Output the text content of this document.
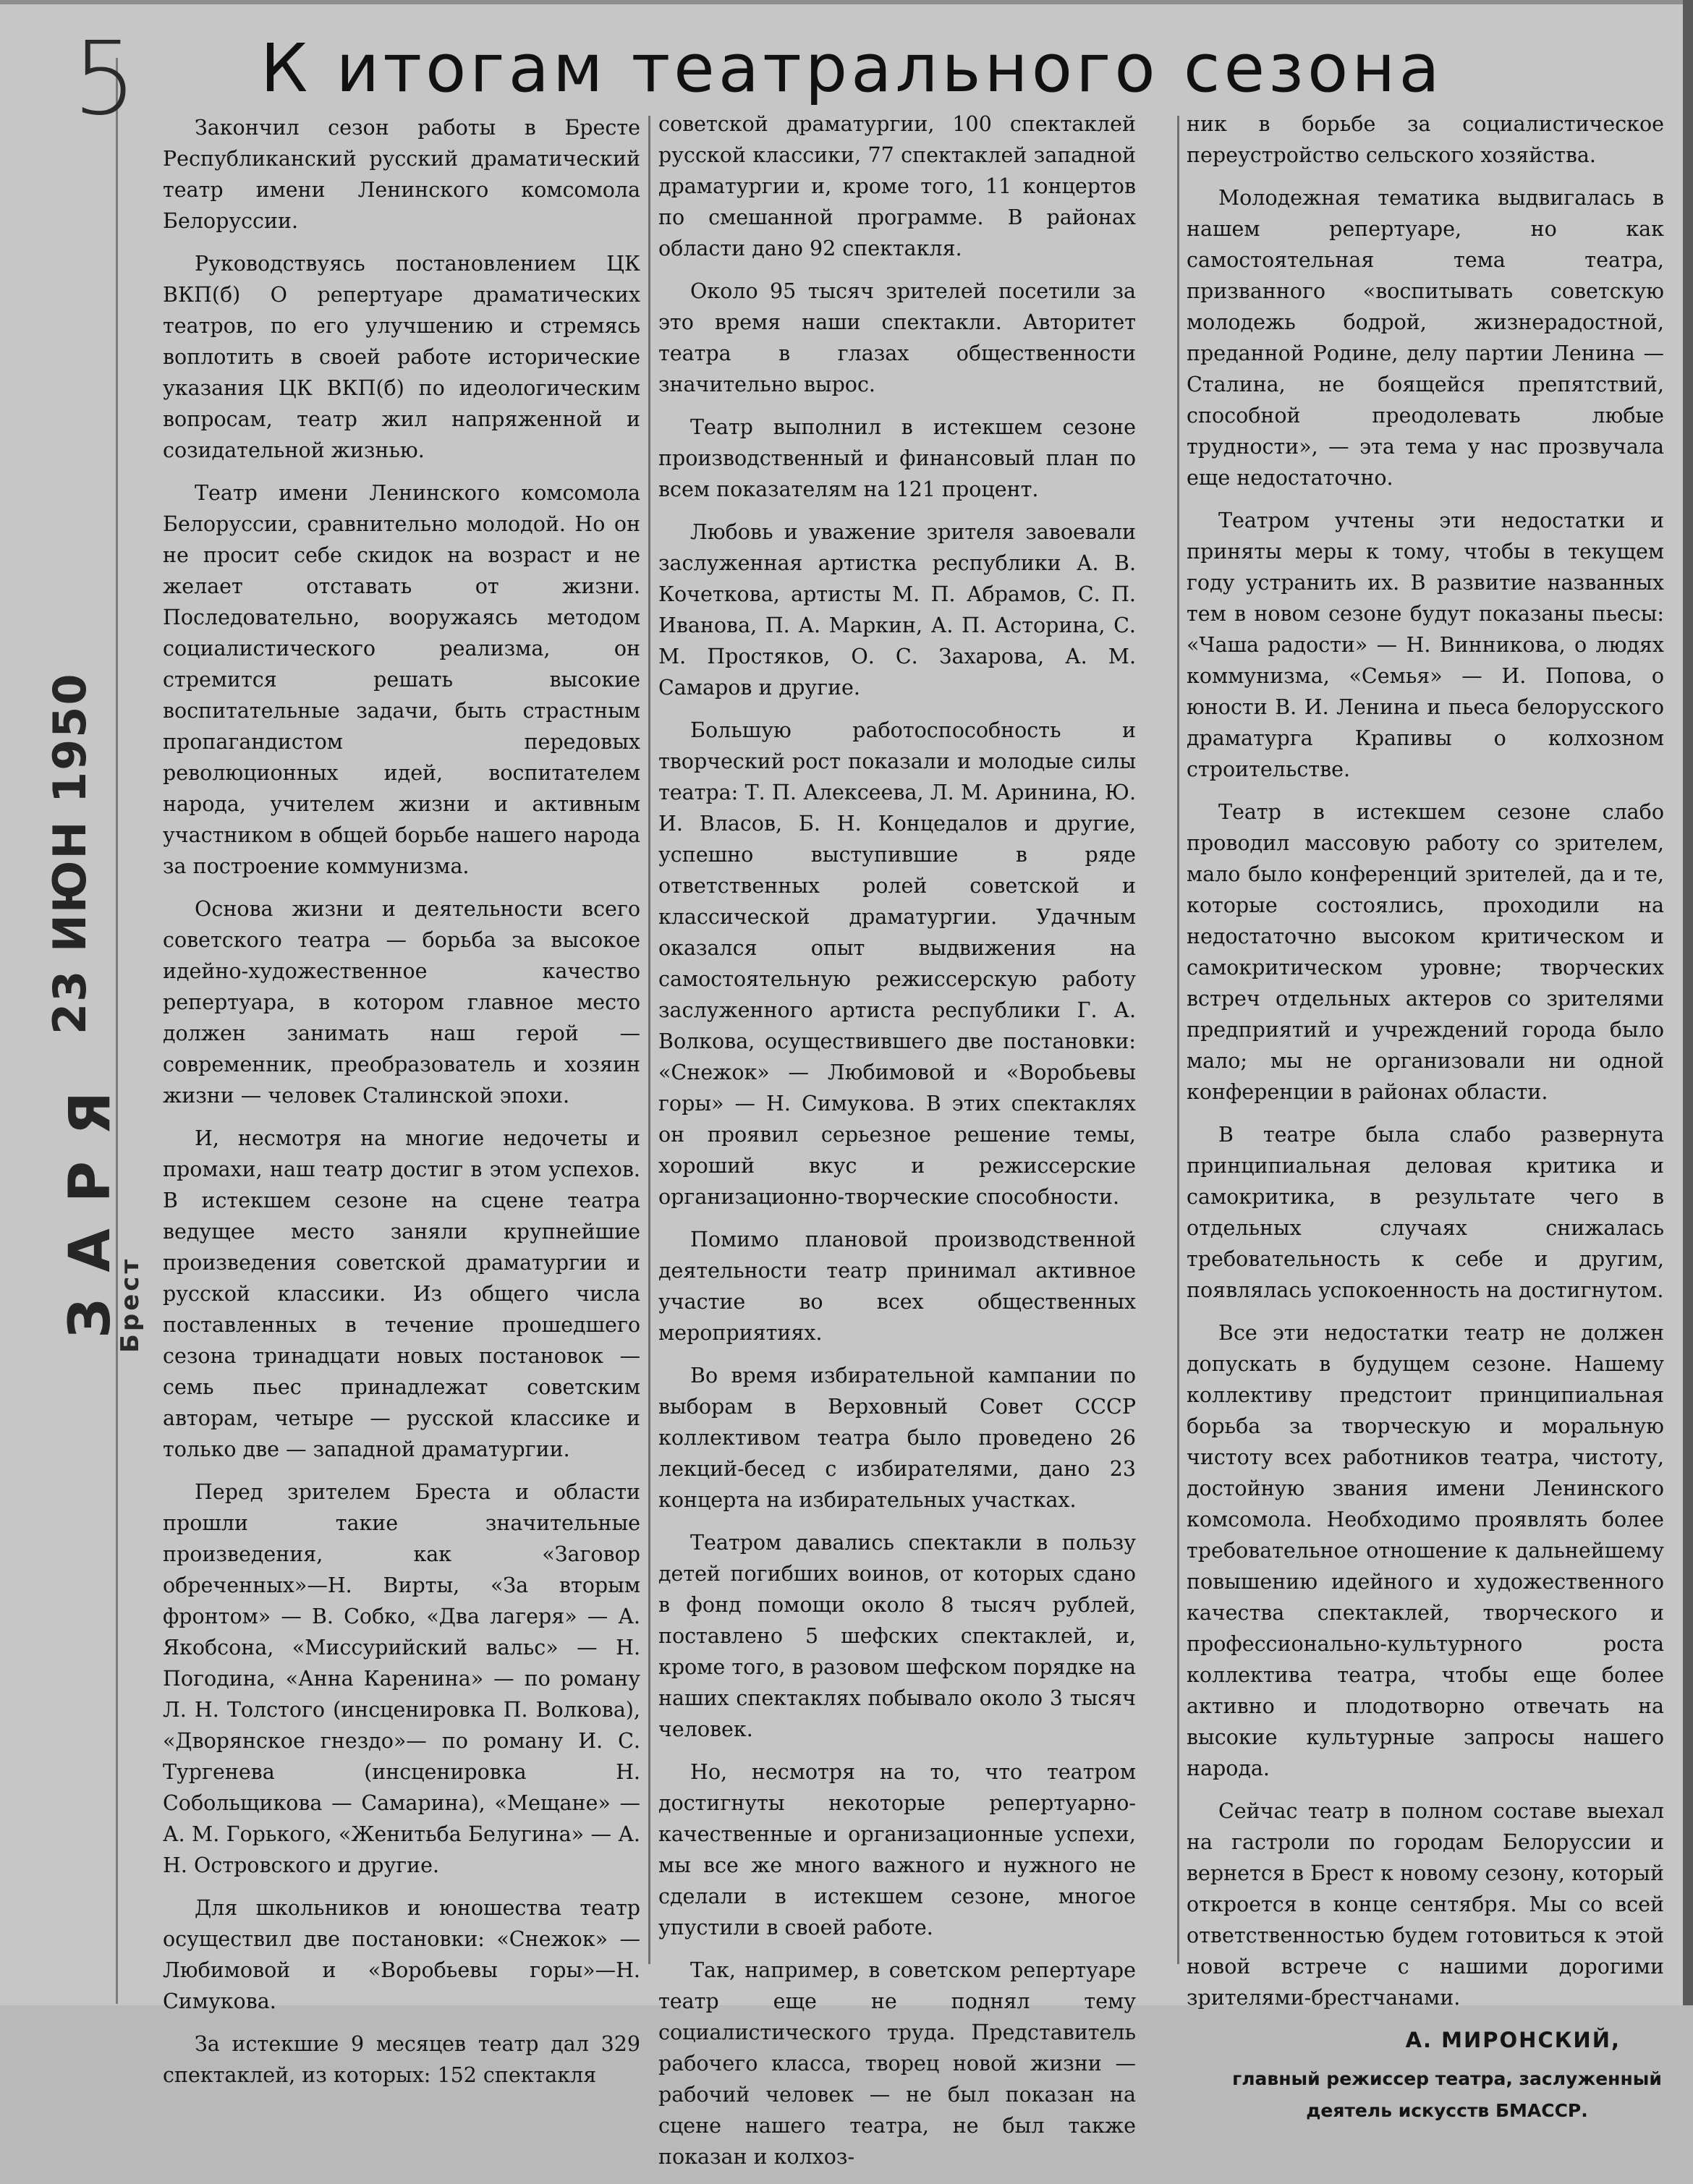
5 К итогам театрального сезона
23 ИЮН 1950
ЗАРЯ
Брест

Закончил сезон работы в Бресте Республиканский русский драматический театр имени Ленинского комсомола Белоруссии.

Руководствуясь постановлением ЦК ВКП(б) О репертуаре драматических театров, по его улучшению и стремясь воплотить в своей работе исторические указания ЦК ВКП(б) по идеологическим вопросам, театр жил напряженной и созидательной жизнью.

Театр имени Ленинского комсомола Белоруссии, сравнительно молодой. Но он не просит себе скидок на возраст и не желает отставать от жизни. Последовательно, вооружаясь методом социалистического реализма, он стремится решать высокие воспитательные задачи, быть страстным пропагандистом передовых революционных идей, воспитателем народа, учителем жизни и активным участником в общей борьбе нашего народа за построение коммунизма.

Основа жизни и деятельности всего советского театра — борьба за высокое идейно-художественное качество репертуара, в котором главное место должен занимать наш герой — современник, преобразователь и хозяин жизни — человек Сталинской эпохи.

И, несмотря на многие недочеты и промахи, наш театр достиг в этом успехов. В истекшем сезоне на сцене театра ведущее место заняли крупнейшие произведения советской драматургии и русской классики. Из общего числа поставленных в течение прошедшего сезона тринадцати новых постановок — семь пьес принадлежат советским авторам, четыре — русской классике и только две — западной драматургии.

Перед зрителем Бреста и области прошли такие значительные произведения, как «Заговор обреченных»—Н. Вирты, «За вторым фронтом» — В. Собко, «Два лагеря» — А. Якобсона, «Миссурийский вальс» — Н. Погодина, «Анна Каренина» — по роману Л. Н. Толстого (инсценировка П. Волкова), «Дворянское гнездо»— по роману И. С. Тургенева (инсценировка Н. Собольщикова — Самарина), «Мещане» — А. М. Горького, «Женитьба Белугина» — А. Н. Островского и другие.

Для школьников и юношества театр осуществил две постановки: «Снежок» — Любимовой и «Воробьевы горы»—Н. Симукова.

За истекшие 9 месяцев театр дал 329 спектаклей, из которых: 152 спектакля

советской драматургии, 100 спектаклей русской классики, 77 спектаклей западной драматургии и, кроме того, 11 концертов по смешанной программе. В районах области дано 92 спектакля.

Около 95 тысяч зрителей посетили за это время наши спектакли. Авторитет театра в глазах общественности значительно вырос.

Театр выполнил в истекшем сезоне производственный и финансовый план по всем показателям на 121 процент.

Любовь и уважение зрителя завоевали заслуженная артистка республики А. В. Кочеткова, артисты М. П. Абрамов, С. П. Иванова, П. А. Маркин, А. П. Асторина, С. М. Простяков, О. С. Захарова, А. М. Самаров и другие.

Большую работоспособность и творческий рост показали и молодые силы театра: Т. П. Алексеева, Л. М. Аринина, Ю. И. Власов, Б. Н. Концедалов и другие, успешно выступившие в ряде ответственных ролей советской и классической драматургии. Удачным оказался опыт выдвижения на самостоятельную режиссерскую работу заслуженного артиста республики Г. А. Волкова, осуществившего две постановки: «Снежок» — Любимовой и «Воробьевы горы» — Н. Симукова. В этих спектаклях он проявил серьезное решение темы, хороший вкус и режиссерские организационно-творческие способности.

Помимо плановой производственной деятельности театр принимал активное участие во всех общественных мероприятиях.

Во время избирательной кампании по выборам в Верховный Совет СССР коллективом театра было проведено 26 лекций-бесед с избирателями, дано 23 концерта на избирательных участках.

Театром давались спектакли в пользу детей погибших воинов, от которых сдано в фонд помощи около 8 тысяч рублей, поставлено 5 шефских спектаклей, и, кроме того, в разовом шефском порядке на наших спектаклях побывало около 3 тысяч человек.

Но, несмотря на то, что театром достигнуты некоторые репертуарно-качественные и организационные успехи, мы все же много важного и нужного не сделали в истекшем сезоне, многое упустили в своей работе.

Так, например, в советском репертуаре театр еще не поднял тему социалистического труда. Представитель рабочего класса, творец новой жизни — рабочий человек — не был показан на сцене нашего театра, не был также показан и колхоз-

ник в борьбе за социалистическое переустройство сельского хозяйства.

Молодежная тематика выдвигалась в нашем репертуаре, но как самостоятельная тема театра, призванного «воспитывать советскую молодежь бодрой, жизнерадостной, преданной Родине, делу партии Ленина — Сталина, не боящейся препятствий, способной преодолевать любые трудности», — эта тема у нас прозвучала еще недостаточно.

Театром учтены эти недостатки и приняты меры к тому, чтобы в текущем году устранить их. В развитие названных тем в новом сезоне будут показаны пьесы: «Чаша радости» — Н. Винникова, о людях коммунизма, «Семья» — И. Попова, о юности В. И. Ленина и пьеса белорусского драматурга Крапивы о колхозном строительстве.

Театр в истекшем сезоне слабо проводил массовую работу со зрителем, мало было конференций зрителей, да и те, которые состоялись, проходили на недостаточно высоком критическом и самокритическом уровне; творческих встреч отдельных актеров со зрителями предприятий и учреждений города было мало; мы не организовали ни одной конференции в районах области.

В театре была слабо развернута принципиальная деловая критика и самокритика, в результате чего в отдельных случаях снижалась требовательность к себе и другим, появлялась успокоенность на достигнутом.

Все эти недостатки театр не должен допускать в будущем сезоне. Нашему коллективу предстоит принципиальная борьба за творческую и моральную чистоту всех работников театра, чистоту, достойную звания имени Ленинского комсомола. Необходимо проявлять более требовательное отношение к дальнейшему повышению идейного и художественного качества спектаклей, творческого и профессионально-культурного роста коллектива театра, чтобы еще более активно и плодотворно отвечать на высокие культурные запросы нашего народа.

Сейчас театр в полном составе выехал на гастроли по городам Белоруссии и вернется в Брест к новому сезону, который откроется в конце сентября. Мы со всей ответственностью будем готовиться к этой новой встрече с нашими дорогими зрителями-брестчанами.

А. МИРОНСКИЙ,
главный режиссер театра, заслуженный деятель искусств БМАССР.
